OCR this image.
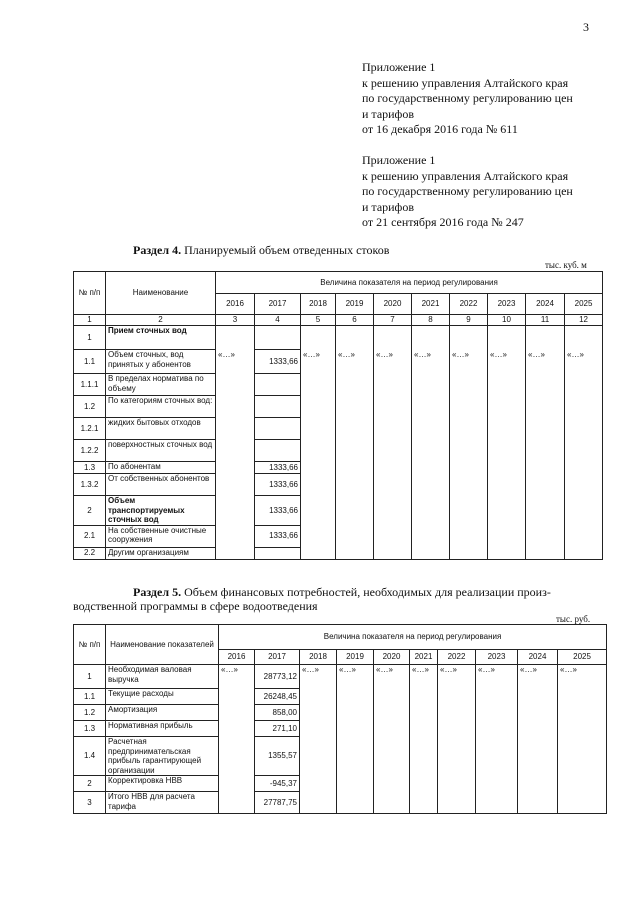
3
Приложение 1
к решению управления Алтайского края
по государственному регулированию цен
и тарифов
от 16 декабря 2016 года № 611
Приложение 1
к решению управления Алтайского края
по государственному регулированию цен
и тарифов
от 21 сентября 2016 года № 247
Раздел 4. Планируемый объем отведенных стоков
тыс. куб. м
№ п/п	Наименование	Величина показателя на период регулирования									
		2016	2017	2018	2019	2020	2021	2022	2023	2024	2025
1	2	3	4	5	6	7	8	9	10	11	12
1	Прием сточных вод										
1.1	Объем сточных, вод принятых у абонентов	«…»	1333,66	«…»	«…»	«…»	«…»	«…»	«…»	«…»	«…»
1.1.1	В пределах норматива по объему										
1.2	По категориям сточных вод:										
1.2.1	жидких бытовых отходов										
1.2.2	поверхностных сточных вод										
1.3	По абонентам		1333,66								
1.3.2	От собственных абонентов		1333,66								
2	Объем транспортируемых сточных вод		1333,66								
2.1	На собственные очистные сооружения		1333,66								
2.2	Другим организациям										
Раздел 5. Объем финансовых потребностей, необходимых для реализации произ-
водственной программы в сфере водоотведения
тыс. руб.
№ п/п	Наименование показателей	Величина показателя на период регулирования									
		2016	2017	2018	2019	2020	2021	2022	2023	2024	2025
1	Необходимая валовая выручка	«…»	28773,12	«…»	«…»	«…»	«…»	«…»	«…»	«…»	«…»
1.1	Текущие расходы		26248,45								
1.2	Амортизация		858,00								
1.3	Нормативная прибыль		271,10								
1.4	Расчетная предпринимательская прибыль гарантирующей организации		1355,57								
2	Корректировка НВВ		-945,37								
3	Итого НВВ для расчета тарифа		27787,75								
